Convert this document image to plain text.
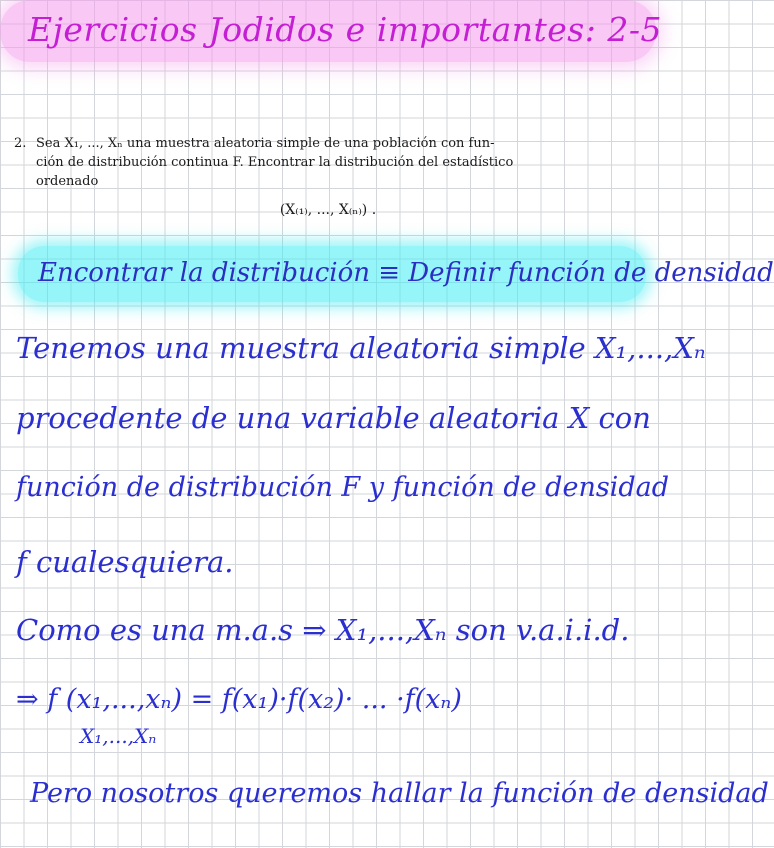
Ejercicios Jodidos e importantes: 2-5

2. Sea X₁, ..., Xₙ una muestra aleatoria simple de una población con fun-

ción de distribución continua F. Encontrar la distribución del estadístico

ordenado

(X₍₁₎, ..., X₍ₙ₎) .
Encontrar la distribución ≡ Definir función de densidad
Tenemos una muestra aleatoria simple X₁,...,Xₙ
procedente de una variable aleatoria X con
función de distribución F y función de densidad
f cualesquiera.
Como es una m.a.s ⇒ X₁,...,Xₙ son v.a.i.i.d.
⇒ f (x₁,...,xₙ) = f(x₁)·f(x₂)· ... ·f(xₙ)
X₁,...,Xₙ
Pero nosotros queremos hallar la función de densidad
